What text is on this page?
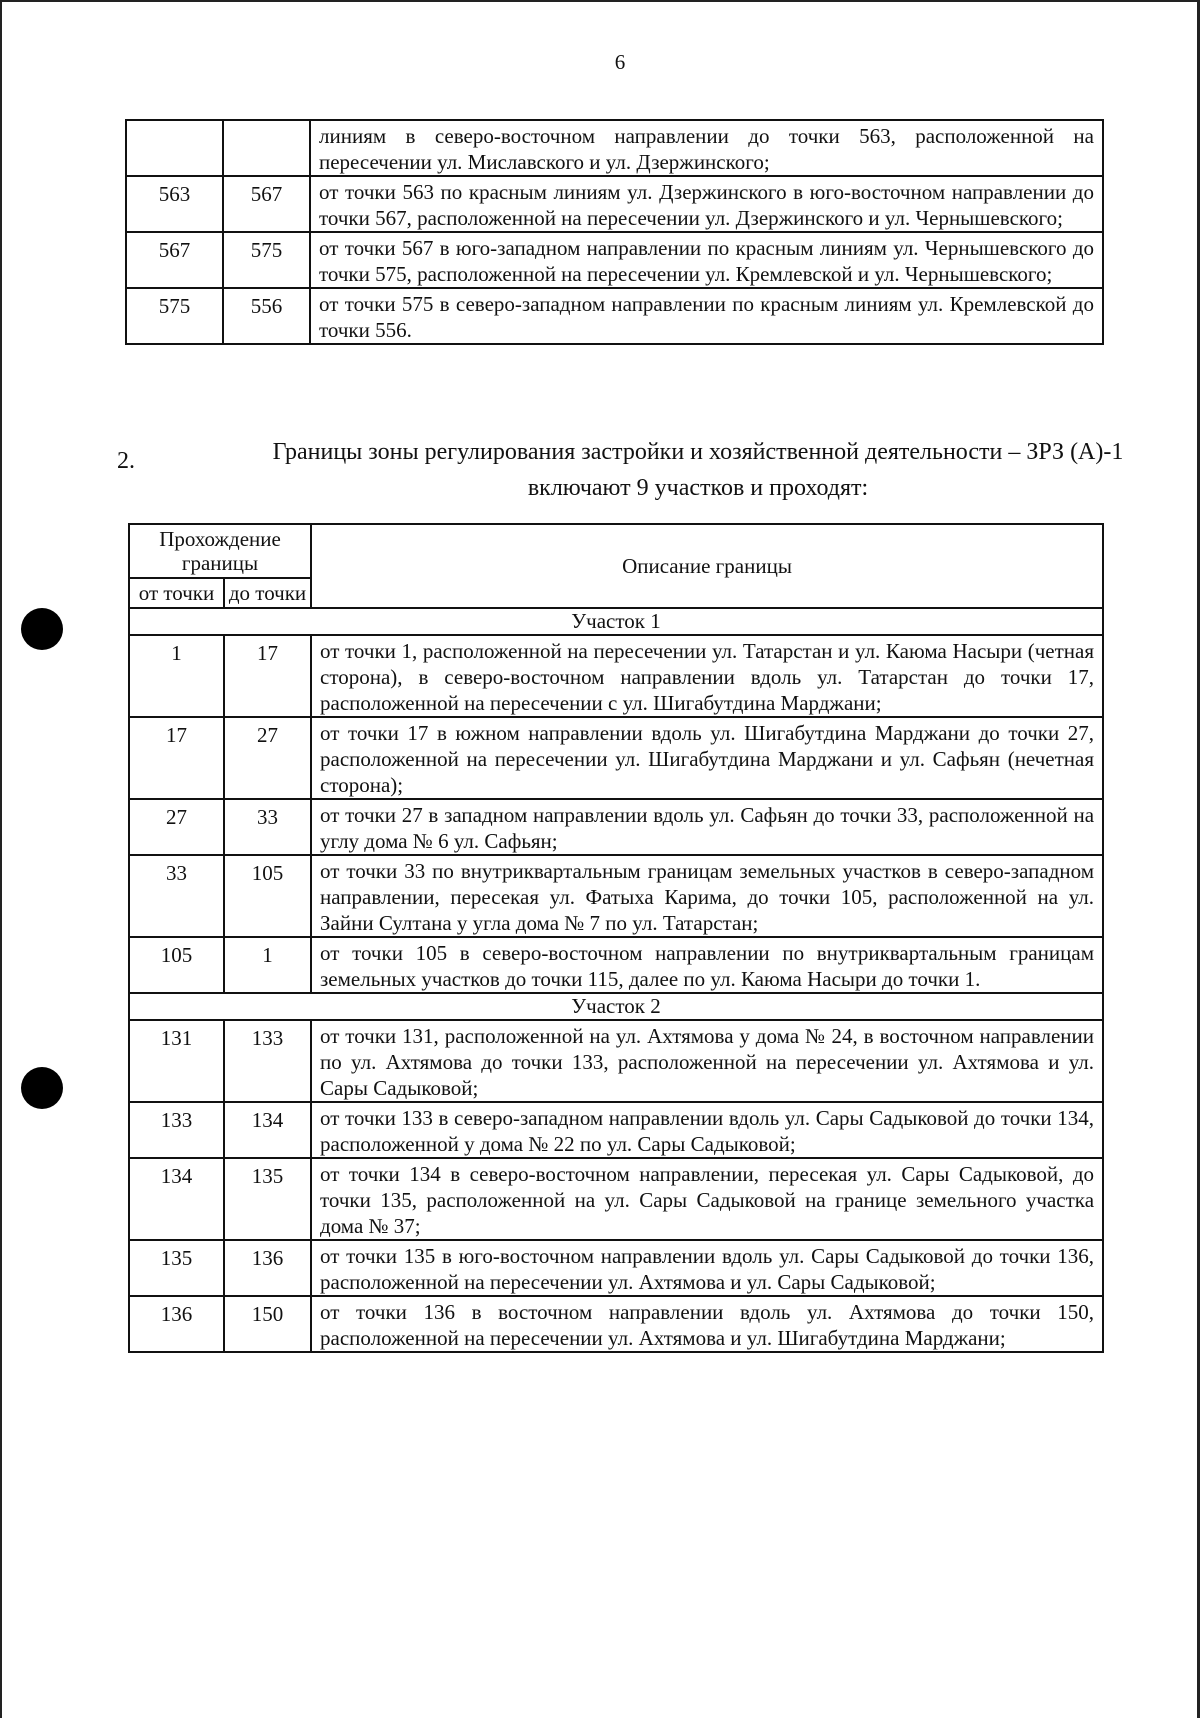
6
		линиям в северо-восточном направлении до точки 563, расположенной на пересечении ул. Миславского и ул. Дзержинского;
563	567	от точки 563 по красным линиям ул. Дзержинского в юго-восточном направлении до точки 567, расположенной на пересечении ул. Дзержинского и ул. Чернышевского;
567	575	от точки 567 в юго-западном направлении по красным линиям ул. Чернышевского до точки 575, расположенной на пересечении ул. Кремлевской и ул. Чернышевского;
575	556	от точки 575 в северо-западном направлении по красным линиям ул. Кремлевской до точки 556.
2.	Границы зоны регулирования застройки и хозяйственной деятельности – ЗРЗ (А)-1 включают 9 участков и проходят:
Прохождение границы		Описание границы
от точки	до точки	
Участок 1		
1	17	от точки 1, расположенной на пересечении ул. Татарстан и ул. Каюма Насыри (четная сторона), в северо-восточном направлении вдоль ул. Татарстан до точки 17, расположенной на пересечении с ул. Шигабутдина Марджани;
17	27	от точки 17 в южном направлении вдоль ул. Шигабутдина Марджани до точки 27, расположенной на пересечении ул. Шигабутдина Марджани и ул. Сафьян (нечетная сторона);
27	33	от точки 27 в западном направлении вдоль ул. Сафьян до точки 33, расположенной на углу дома № 6 ул. Сафьян;
33	105	от точки 33 по внутриквартальным границам земельных участков в северо-западном направлении, пересекая ул. Фатыха Карима, до точки 105, расположенной на ул. Зайни Султана у угла дома № 7 по ул. Татарстан;
105	1	от точки 105 в северо-восточном направлении по внутриквартальным границам земельных участков до точки 115, далее по ул. Каюма Насыри до точки 1.
Участок 2		
131	133	от точки 131, расположенной на ул. Ахтямова у дома № 24, в восточном направлении по ул. Ахтямова до точки 133, расположенной на пересечении ул. Ахтямова и ул. Сары Садыковой;
133	134	от точки 133 в северо-западном направлении вдоль ул. Сары Садыковой до точки 134, расположенной у дома № 22 по ул. Сары Садыковой;
134	135	от точки 134 в северо-восточном направлении, пересекая ул. Сары Садыковой, до точки 135, расположенной на ул. Сары Садыковой на границе земельного участка дома № 37;
135	136	от точки 135 в юго-восточном направлении вдоль ул. Сары Садыковой до точки 136, расположенной на пересечении ул. Ахтямова и ул. Сары Садыковой;
136	150	от точки 136 в восточном направлении вдоль ул. Ахтямова до точки 150, расположенной на пересечении ул. Ахтямова и ул. Шигабутдина Марджани;
